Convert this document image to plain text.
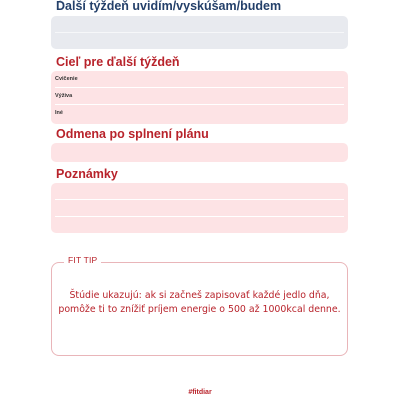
Ďalší týždeň uvidím/vyskúšam/budem
Cieľ pre ďalší týždeň
Cvičenie
Výživa
Iné
Odmena po splnení plánu
Poznámky
FIT TIP
Štúdie ukazujú: ak si začneš zapisovať každé jedlo dňa,
pomôže ti to znížiť príjem energie o 500 až 1000kcal denne.
#fitdiar
